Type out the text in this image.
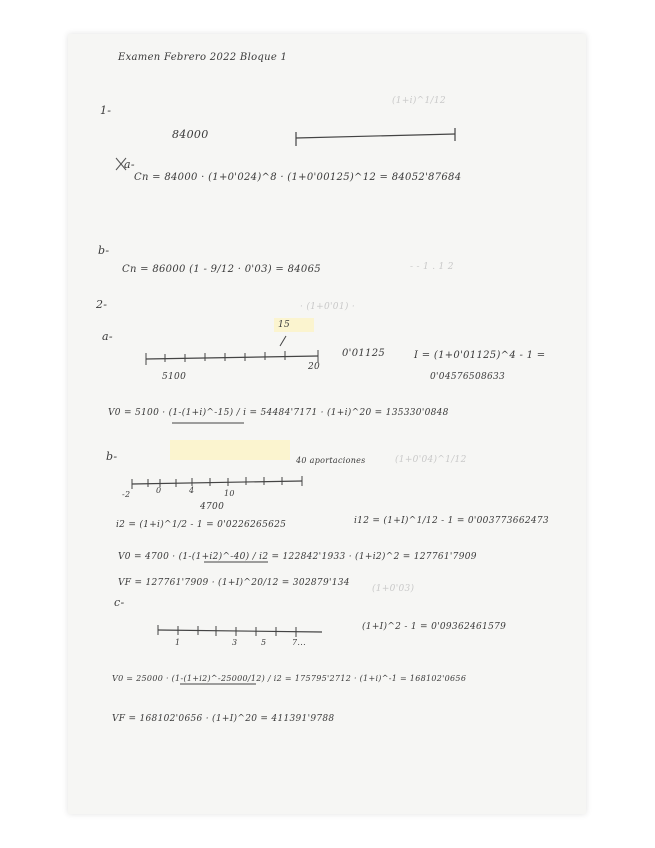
(1+i)^1/12
· (1+0'01) ·
- - 1 . 1 2
(1+0'04)^1/12
(1+0'03)
Examen Febrero 2022 Bloque 1
1-
84000
a-
Cn = 84000 · (1+0'024)^8 · (1+0'00125)^12 = 84052'87684
b-
Cn = 86000 (1 - 9/12 · 0'03) = 84065
2-
a-
15
5100
20
0'01125	I = (1+0'01125)^4 - 1 =
0'04576508633
V0 = 5100 · (1-(1+i)^-15) / i = 54484'7171 · (1+i)^20 = 135330'0848
b-	40 aportaciones
-2	0	4	10
4700
i2 = (1+i)^1/2 - 1 = 0'0226265625	i12 = (1+I)^1/12 - 1 = 0'003773662473
V0 = 4700 · (1-(1+i2)^-40) / i2 = 122842'1933 · (1+i2)^2 = 127761'7909
VF = 127761'7909 · (1+I)^20/12 = 302879'134
c-
1	3	5	7...
(1+I)^2 - 1 = 0'09362461579
V0 = 25000 · (1-(1+i2)^-25000/12) / i2 = 175795'2712 · (1+i)^-1 = 168102'0656
VF = 168102'0656 · (1+I)^20 = 411391'9788
